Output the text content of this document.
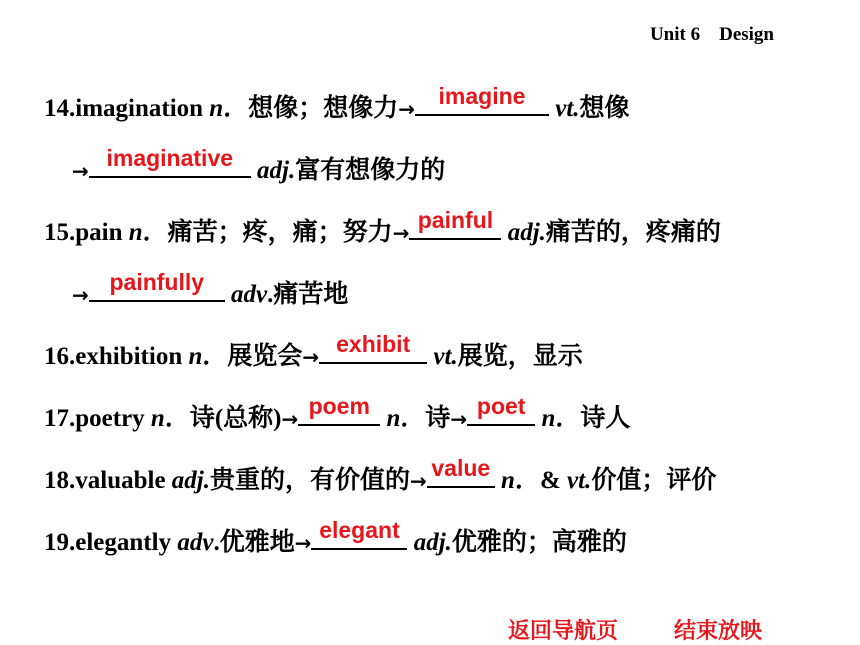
Unit 6 Design
14.imagination n．想像；想像力→	imagine	vt.想像
→ imaginative adj.富有想像力的
15.pain n．痛苦；疼，痛；努力→ painful adj.痛苦的，疼痛的
→ painfully	adv.痛苦地
16.exhibition n．展览会→ exhibit vt.展览，显示
17.poetry n．诗(总称)→ poem n．诗→ poet n．诗人
18.valuable adj.贵重的，有价值的→ value n．& vt.价值；评价
19.elegantly adv.优雅地→ elegant adj.优雅的；高雅的
返回导航页	结束放映
